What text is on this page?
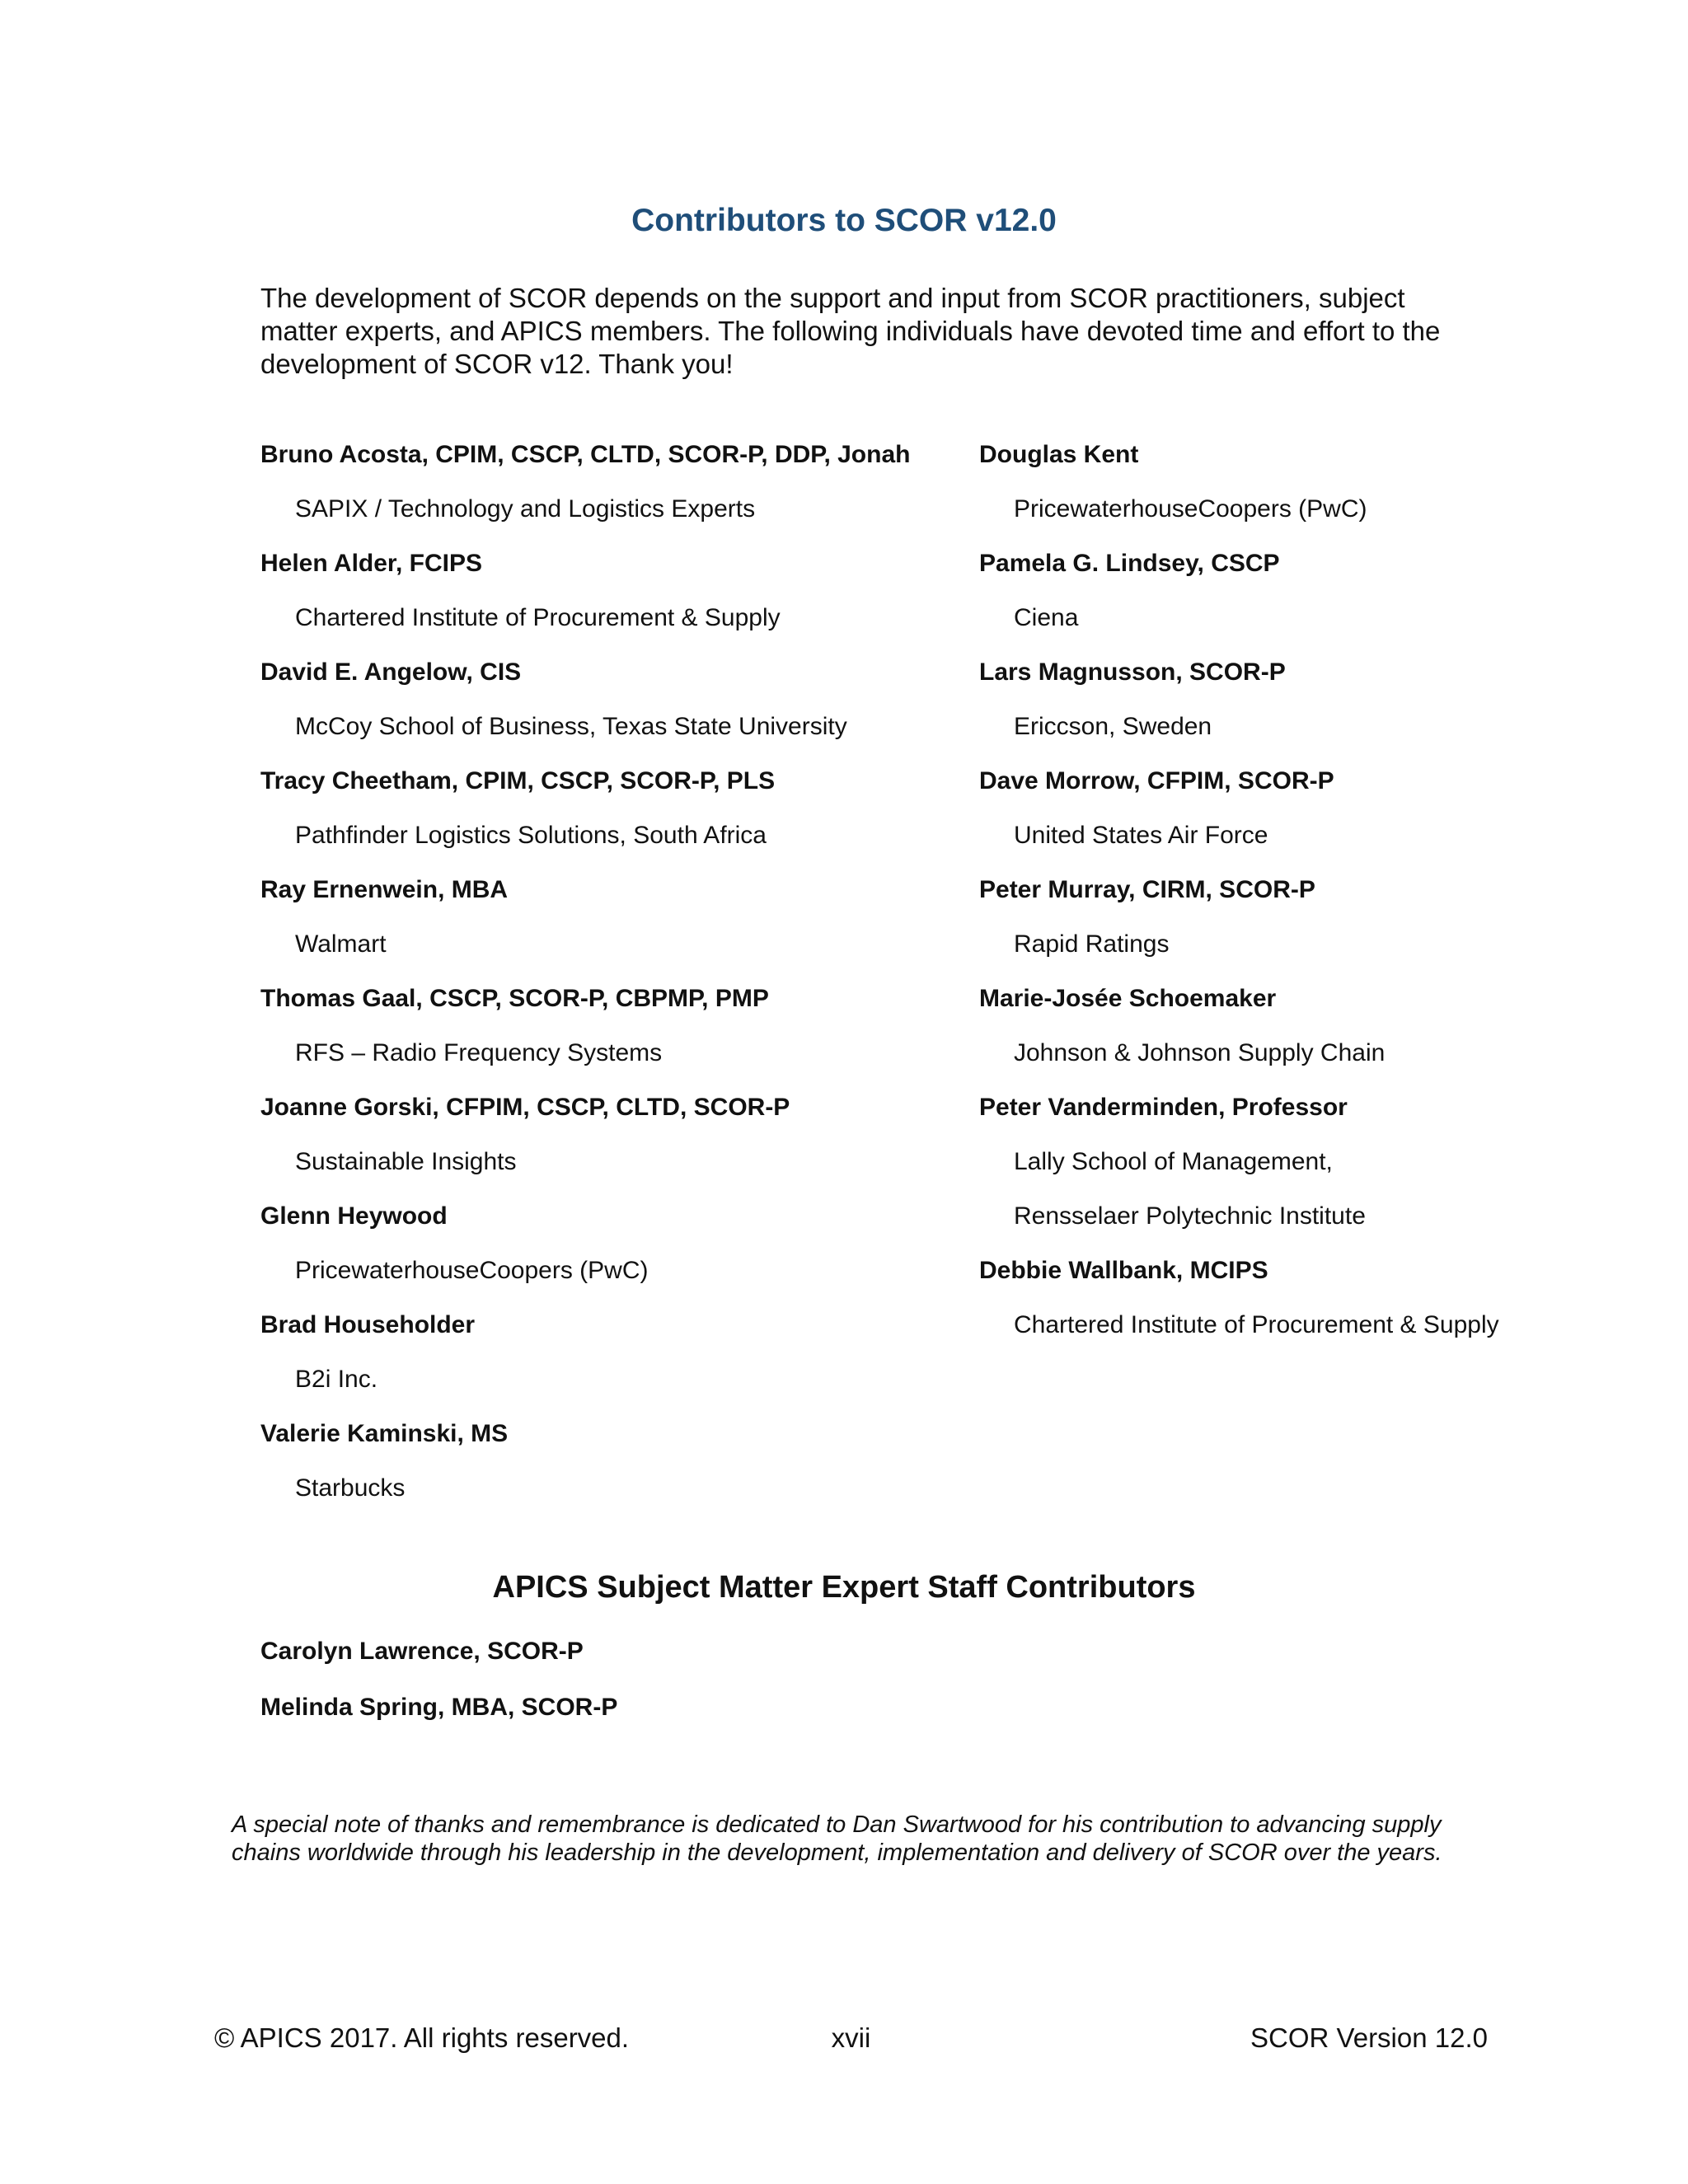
Contributors to SCOR v12.0

The development of SCOR depends on the support and input from SCOR practitioners, subject matter experts, and APICS members. The following individuals have devoted time and effort to the development of SCOR v12. Thank you!

Bruno Acosta, CPIM, CSCP, CLTD, SCOR-P, DDP, Jonah
SAPIX / Technology and Logistics Experts
Helen Alder, FCIPS
Chartered Institute of Procurement & Supply
David E. Angelow, CIS
McCoy School of Business, Texas State University
Tracy Cheetham, CPIM, CSCP, SCOR-P, PLS
Pathfinder Logistics Solutions, South Africa
Ray Ernenwein, MBA
Walmart
Thomas Gaal, CSCP, SCOR-P, CBPMP, PMP
RFS – Radio Frequency Systems
Joanne Gorski, CFPIM, CSCP, CLTD, SCOR-P
Sustainable Insights
Glenn Heywood
PricewaterhouseCoopers (PwC)
Brad Householder
B2i Inc.
Valerie Kaminski, MS
Starbucks
Douglas Kent
PricewaterhouseCoopers (PwC)
Pamela G. Lindsey, CSCP
Ciena
Lars Magnusson, SCOR-P
Ericcson, Sweden
Dave Morrow, CFPIM, SCOR-P
United States Air Force
Peter Murray, CIRM, SCOR-P
Rapid Ratings
Marie-Josée Schoemaker
Johnson & Johnson Supply Chain
Peter Vanderminden, Professor
Lally School of Management,
Rensselaer Polytechnic Institute
Debbie Wallbank, MCIPS
Chartered Institute of Procurement & Supply
APICS Subject Matter Expert Staff Contributors
Carolyn Lawrence, SCOR-P
Melinda Spring, MBA, SCOR-P

A special note of thanks and remembrance is dedicated to Dan Swartwood for his contribution to advancing supply chains worldwide through his leadership in the development, implementation and delivery of SCOR over the years.

© APICS 2017. All rights reserved.	xvii	SCOR Version 12.0
